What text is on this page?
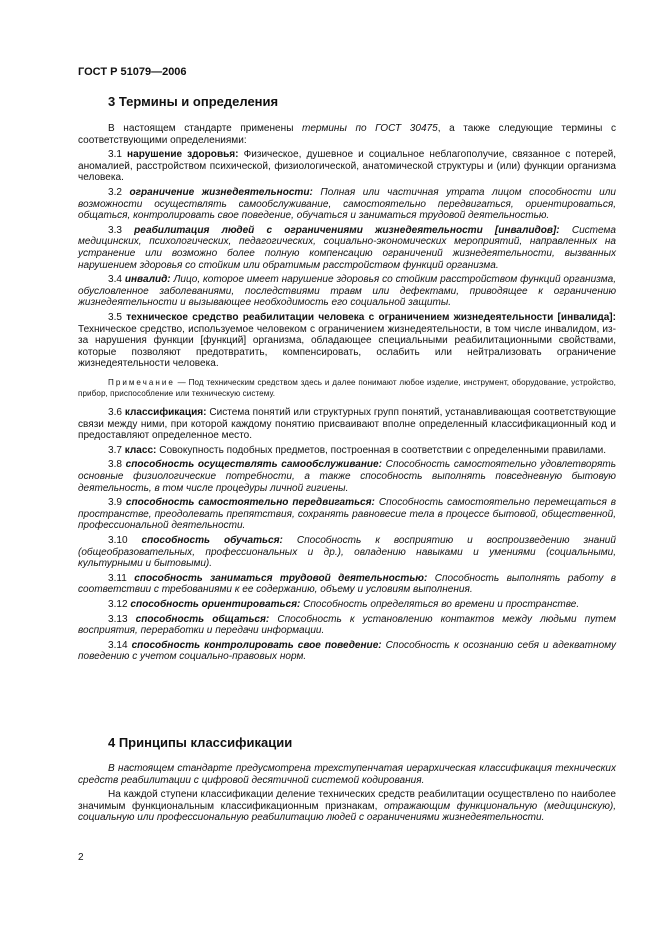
ГОСТ Р 51079—2006
3 Термины и определения

В настоящем стандарте применены термины по ГОСТ 30475, а также следующие термины с соответствующими определениями:

3.1 нарушение здоровья: Физическое, душевное и социальное неблагополучие, связанное с потерей, аномалией, расстройством психической, физиологической, анатомической структуры и (или) функции организма человека.

3.2 ограничение жизнедеятельности: Полная или частичная утрата лицом способности или возможности осуществлять самообслуживание, самостоятельно передвигаться, ориентироваться, общаться, контролировать свое поведение, обучаться и заниматься трудовой деятельностью.

3.3 реабилитация людей с ограничениями жизнедеятельности [инвалидов]: Система медицинских, психологических, педагогических, социально-экономических мероприятий, направленных на устранение или возможно более полную компенсацию ограничений жизнедеятельности, вызванных нарушением здоровья со стойким или обратимым расстройством функций организма.

3.4 инвалид: Лицо, которое имеет нарушение здоровья со стойким расстройством функций организма, обусловленное заболеваниями, последствиями травм или дефектами, приводящее к ограничению жизнедеятельности и вызывающее необходимость его социальной защиты.

3.5 техническое средство реабилитации человека с ограничением жизнедеятельности [инвалида]: Техническое средство, используемое человеком с ограничением жизнедеятельности, в том числе инвалидом, из-за нарушения функции [функций] организма, обладающее специальными реабилитационными свойствами, которые позволяют предотвратить, компенсировать, ослабить или нейтрализовать ограничение жизнедеятельности человека.

Примечание — Под техническим средством здесь и далее понимают любое изделие, инструмент, оборудование, устройство, прибор, приспособление или техническую систему.

3.6 классификация: Система понятий или структурных групп понятий, устанавливающая соответствующие связи между ними, при которой каждому понятию присваивают вполне определенный классификационный код и предоставляют определенное место.

3.7 класс: Совокупность подобных предметов, построенная в соответствии с определенными правилами.

3.8 способность осуществлять самообслуживание: Способность самостоятельно удовлетворять основные физиологические потребности, а также способность выполнять повседневную бытовую деятельность, в том числе процедуры личной гигиены.

3.9 способность самостоятельно передвигаться: Способность самостоятельно перемещаться в пространстве, преодолевать препятствия, сохранять равновесие тела в процессе бытовой, общественной, профессиональной деятельности.

3.10 способность обучаться: Способность к восприятию и воспроизведению знаний (общеобразовательных, профессиональных и др.), овладению навыками и умениями (социальными, культурными и бытовыми).

3.11 способность заниматься трудовой деятельностью: Способность выполнять работу в соответствии с требованиями к ее содержанию, объему и условиям выполнения.

3.12 способность ориентироваться: Способность определяться во времени и пространстве.

3.13 способность общаться: Способность к установлению контактов между людьми путем восприятия, переработки и передачи информации.

3.14 способность контролировать свое поведение: Способность к осознанию себя и адекватному поведению с учетом социально-правовых норм.

4 Принципы классификации

В настоящем стандарте предусмотрена трехступенчатая иерархическая классификация технических средств реабилитации с цифровой десятичной системой кодирования.

На каждой ступени классификации деление технических средств реабилитации осуществлено по наиболее значимым функциональным классификационным признакам, отражающим функциональную (медицинскую), социальную или профессиональную реабилитацию людей с ограничениями жизнедеятельности.

2
